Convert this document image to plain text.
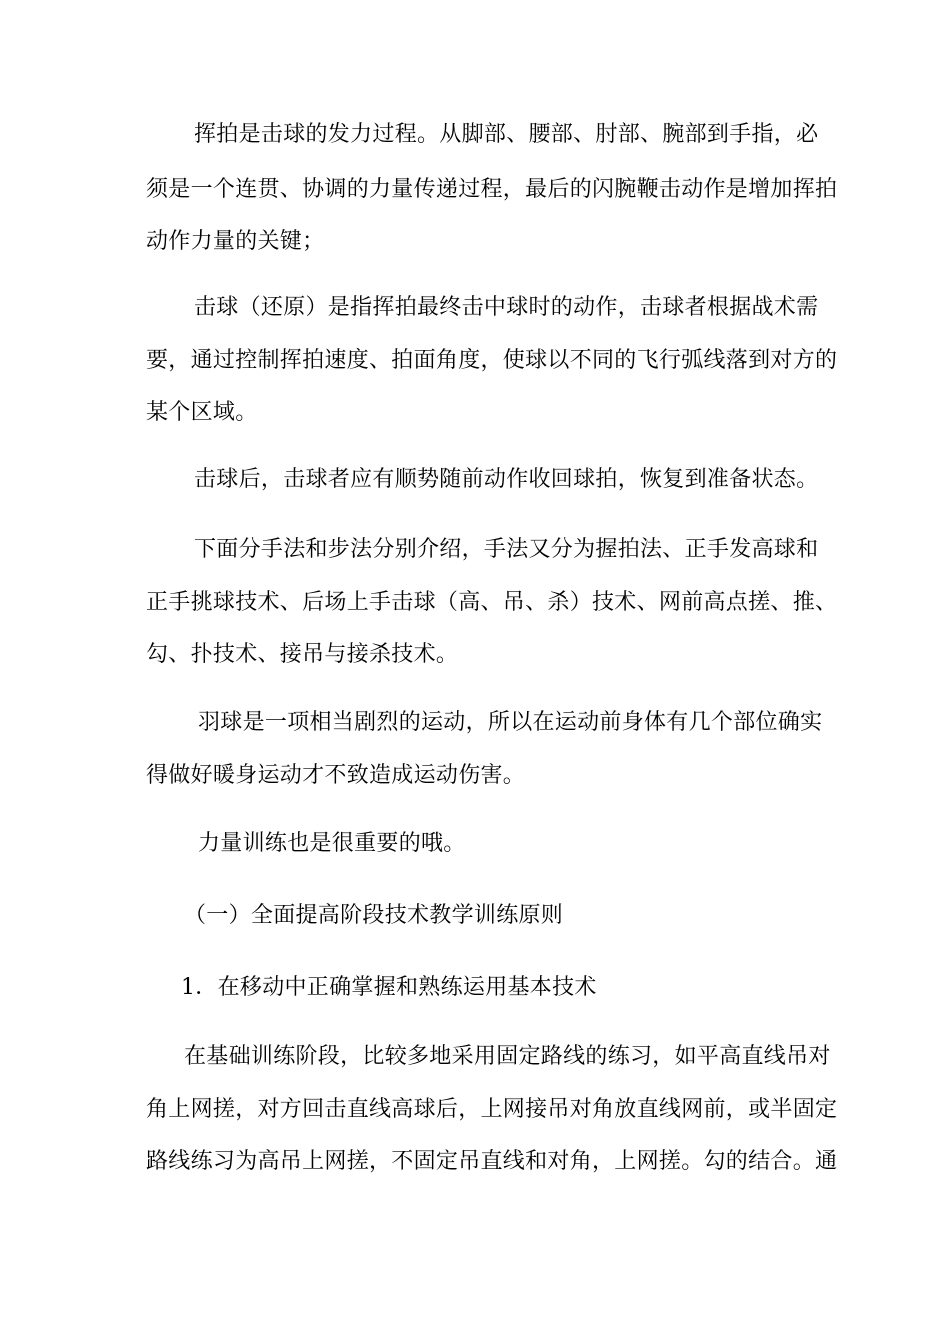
挥拍是击球的发力过程。从脚部、腰部、肘部、腕部到手指，必
须是一个连贯、协调的力量传递过程，最后的闪腕鞭击动作是增加挥拍
动作力量的关键；
击球（还原）是指挥拍最终击中球时的动作，击球者根据战术需
要，通过控制挥拍速度、拍面角度，使球以不同的飞行弧线落到对方的
某个区域。
击球后，击球者应有顺势随前动作收回球拍，恢复到准备状态。
下面分手法和步法分别介绍，手法又分为握拍法、正手发高球和
正手挑球技术、后场上手击球（高、吊、杀）技术、网前高点搓、推、
勾、扑技术、接吊与接杀技术。
羽球是一项相当剧烈的运动，所以在运动前身体有几个部位确实
得做好暖身运动才不致造成运动伤害。
力量训练也是很重要的哦。
（一）全面提高阶段技术教学训练原则
1．在移动中正确掌握和熟练运用基本技术
在基础训练阶段，比较多地采用固定路线的练习，如平高直线吊对
角上网搓，对方回击直线高球后，上网接吊对角放直线网前，或半固定
路线练习为高吊上网搓，不固定吊直线和对角，上网搓。勾的结合。通
